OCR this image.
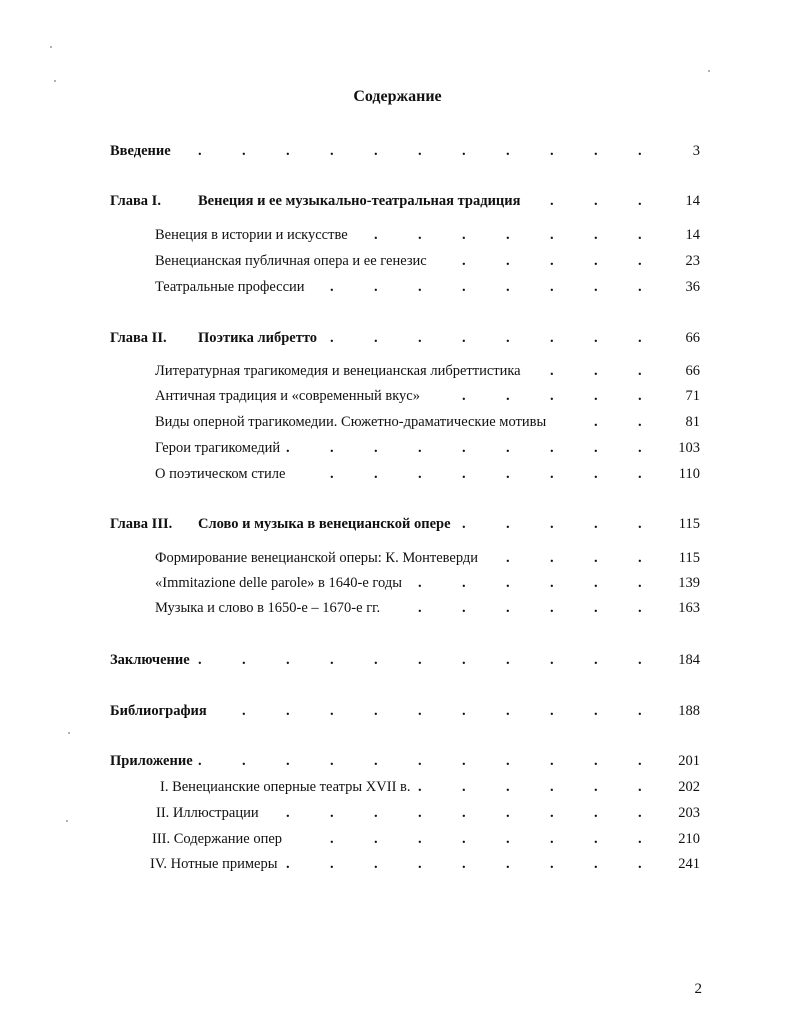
Содержание
Введение .	.	.	.	.	.	.	.	.	.	.	3
Глава I.	Венеция и ее музыкально-театральная традиция .	.	.	14
Венеция в истории и искусстве .	.	.	.	.	.	.	14
Венецианская публичная опера и ее генезис .	.	.	.	.	23
Театральные профессии .	.	.	.	.	.	.	.	36
Глава II. Поэтика либретто .	.	.	.	.	.	.	.	66
Литературная трагикомедия и венецианская либреттистика .	.	.	66
Античная традиция и «современный вкус»	.	.	.	.	.	71
Виды оперной трагикомедии. Сюжетно-драматические мотивы	.	.	81
Герои трагикомедий .	.	.	.	.	.	.	.	.	103
О поэтическом стиле	.	.	.	.	.	.	.	.	110
Глава III. Слово и музыка в венецианской опере .	.	.	.	.	115
Формирование венецианской оперы: К. Монтеверди .	.	.	.	115
«Immitazione delle parole» в 1640-е годы .	.	.	.	.	.	139
Музыка и слово в 1650-е – 1670-е гг.	.	.	.	.	.	.	163
Заключение .	.	.	.	.	.	.	.	.	.	.	184
Библиография .	.	.	.	.	.	.	.	.	.	188
Приложение .	.	.	.	.	.	.	.	.	.	.	201
I. Венецианские оперные театры XVII в. .	.	.	.	.	.	202
II. Иллюстрации .	.	.	.	.	.	.	.	.	203
III. Содержание опер	.	.	.	.	.	.	.	.	210
IV. Нотные примеры .	.	.	.	.	.	.	.	.	241
2
